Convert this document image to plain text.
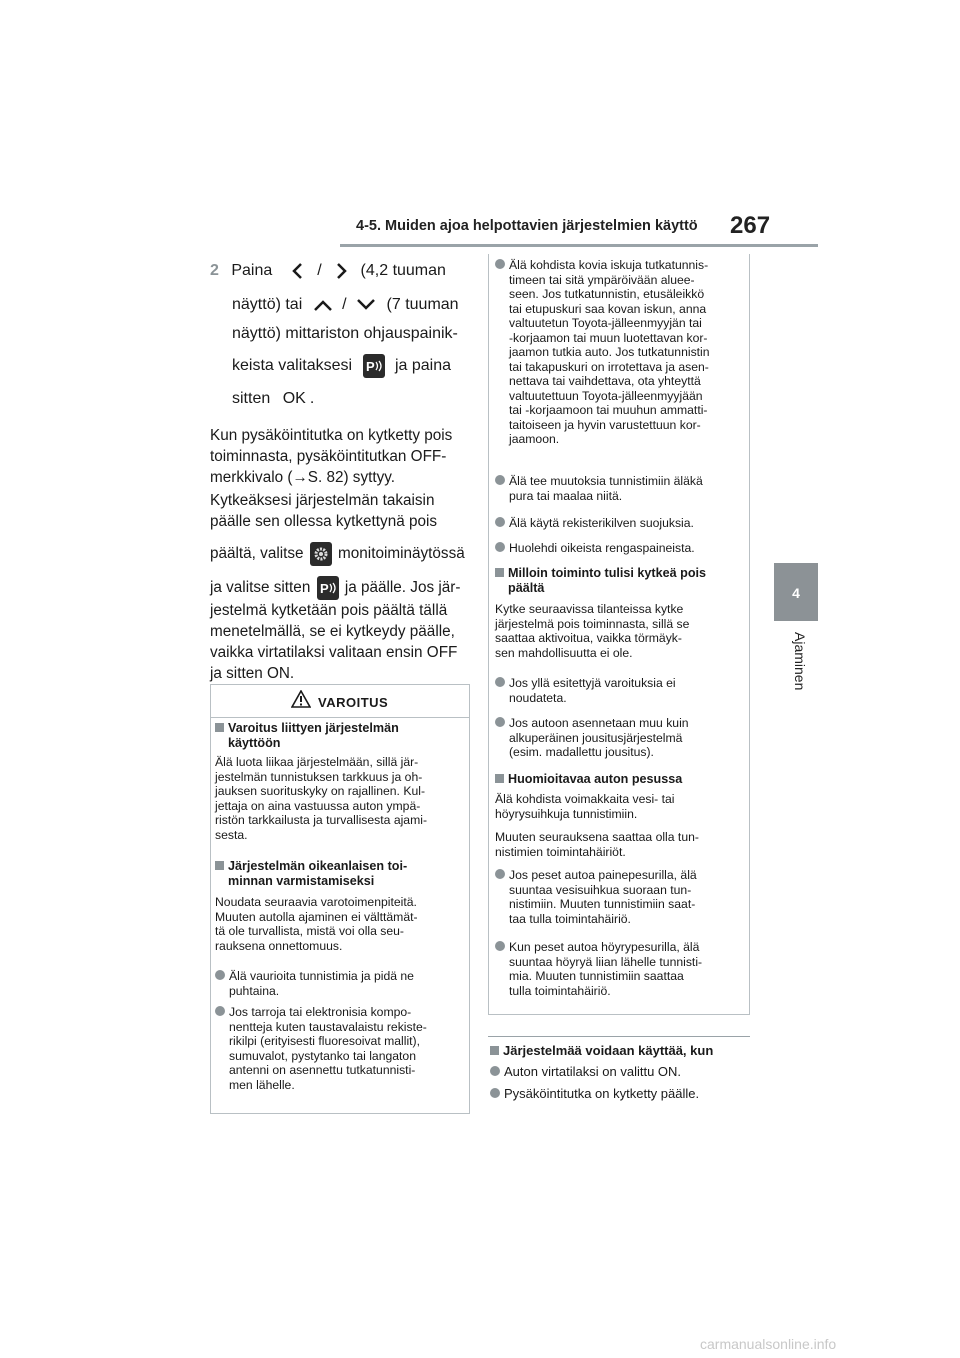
4-5. Muiden ajoa helpottavien järjestelmien käyttö 267
4
Ajaminen
2 Paina	/ (4,2 tuuman
näyttö) tai / (7 tuuman
näyttö) mittariston ohjauspainik-
keista valitaksesi P ja paina
sitten OK .
Kun pysäköintitutka on kytketty pois
toiminnasta, pysäköintitutkan OFF-
merkkivalo (→S. 82) syttyy.
Kytkeäksesi järjestelmän takaisin
päälle sen ollessa kytkettynä pois
päältä, valitse monitoiminäytössä
ja valitse sitten P ja päälle. Jos jär-
jestelmä kytketään pois päältä tällä
menetelmällä, se ei kytkeydy päälle,
vaikka virtatilaksi valitaan ensin OFF
ja sitten ON.
VAROITUS
Varoitus liittyen järjestelmän
käyttöön
Älä luota liikaa järjestelmään, sillä jär-
jestelmän tunnistuksen tarkkuus ja oh-
jauksen suorituskyky on rajallinen. Kul-
jettaja on aina vastuussa auton ympä-
ristön tarkkailusta ja turvallisesta ajami-
sesta.
Järjestelmän oikeanlaisen toi-
minnan varmistamiseksi
Noudata seuraavia varotoimenpiteitä.
Muuten autolla ajaminen ei välttämät-
tä ole turvallista, mistä voi olla seu-
rauksena onnettomuus.
Älä vaurioita tunnistimia ja pidä ne
puhtaina.
Jos tarroja tai elektronisia kompo-
nentteja kuten taustavalaistu rekiste-
rikilpi (erityisesti fluoresoivat mallit),
sumuvalot, pystytanko tai langaton
antenni on asennettu tutkatunnisti-
men lähelle.
Älä kohdista kovia iskuja tutkatunnis-
timeen tai sitä ympäröivään aluee-
seen. Jos tutkatunnistin, etusäleikkö
tai etupuskuri saa kovan iskun, anna
valtuutetun Toyota-jälleenmyyjän tai
-korjaamon tai muun luotettavan kor-
jaamon tutkia auto. Jos tutkatunnistin
tai takapuskuri on irrotettava ja asen-
nettava tai vaihdettava, ota yhteyttä
valtuutettuun Toyota-jälleenmyyjään
tai -korjaamoon tai muuhun ammatti-
taitoiseen ja hyvin varustettuun kor-
jaamoon.
Älä tee muutoksia tunnistimiin äläkä
pura tai maalaa niitä.
Älä käytä rekisterikilven suojuksia.
Huolehdi oikeista rengaspaineista.
Milloin toiminto tulisi kytkeä pois
päältä
Kytke seuraavissa tilanteissa kytke
järjestelmä pois toiminnasta, sillä se
saattaa aktivoitua, vaikka törmäyk-
sen mahdollisuutta ei ole.
Jos yllä esitettyjä varoituksia ei
noudateta.
Jos autoon asennetaan muu kuin
alkuperäinen jousitusjärjestelmä
(esim. madallettu jousitus).
Huomioitavaa auton pesussa
Älä kohdista voimakkaita vesi- tai
höyrysuihkuja tunnistimiin.
Muuten seurauksena saattaa olla tun-
nistimien toimintahäiriöt.
Jos peset autoa painepesurilla, älä
suuntaa vesisuihkua suoraan tun-
nistimiin. Muuten tunnistimiin saat-
taa tulla toimintahäiriö.
Kun peset autoa höyrypesurilla, älä
suuntaa höyryä liian lähelle tunnisti-
mia. Muuten tunnistimiin saattaa
tulla toimintahäiriö.
Järjestelmää voidaan käyttää, kun
Auton virtatilaksi on valittu ON.
Pysäköintitutka on kytketty päälle.
carmanualsonline.info
